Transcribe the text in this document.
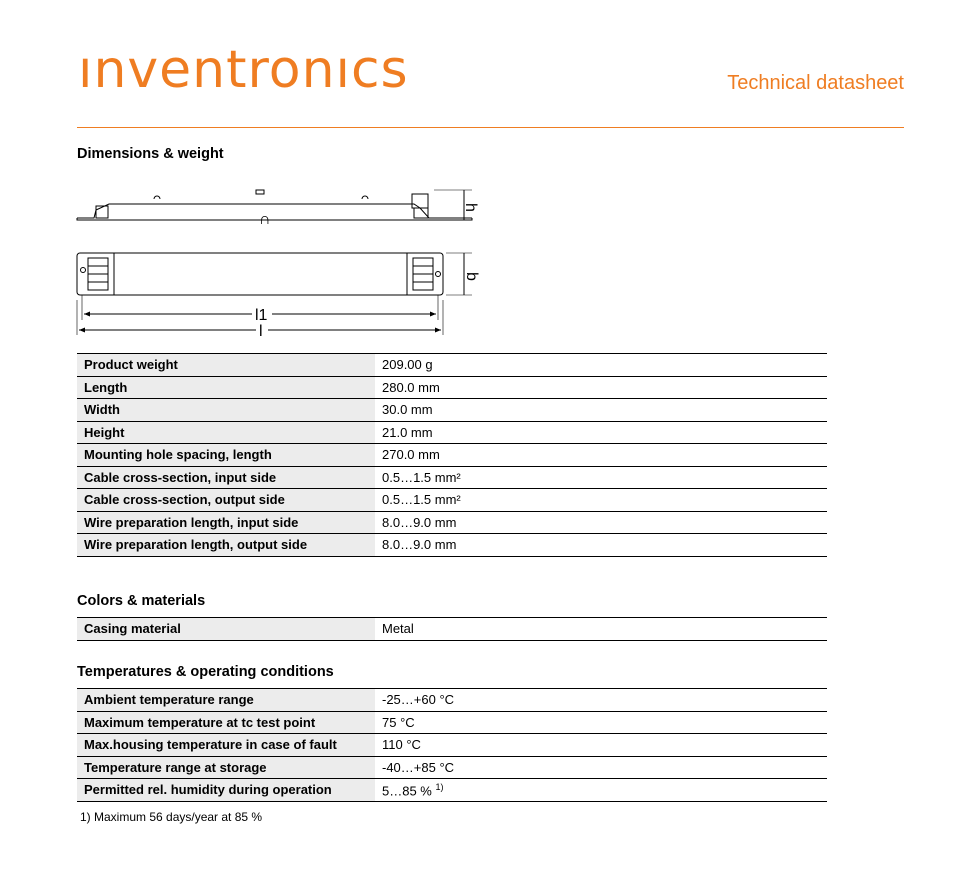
ınventronıcs	Technical datasheet
Dimensions & weight
∩
h
b
l1
l
Product weight	209.00 g
Length	280.0 mm
Width	30.0 mm
Height	21.0 mm
Mounting hole spacing, length	270.0 mm
Cable cross-section, input side	0.5…1.5 mm²
Cable cross-section, output side	0.5…1.5 mm²
Wire preparation length, input side	8.0…9.0 mm
Wire preparation length, output side	8.0…9.0 mm
Colors & materials
Casing material	Metal
Temperatures & operating conditions
Ambient temperature range	-25…+60 °C
Maximum temperature at tc test point	75 °C
Max.housing temperature in case of fault	110 °C
Temperature range at storage	-40…+85 °C
Permitted rel. humidity during operation	5…85 % $^{1)}$
1) Maximum 56 days/year at 85 %
